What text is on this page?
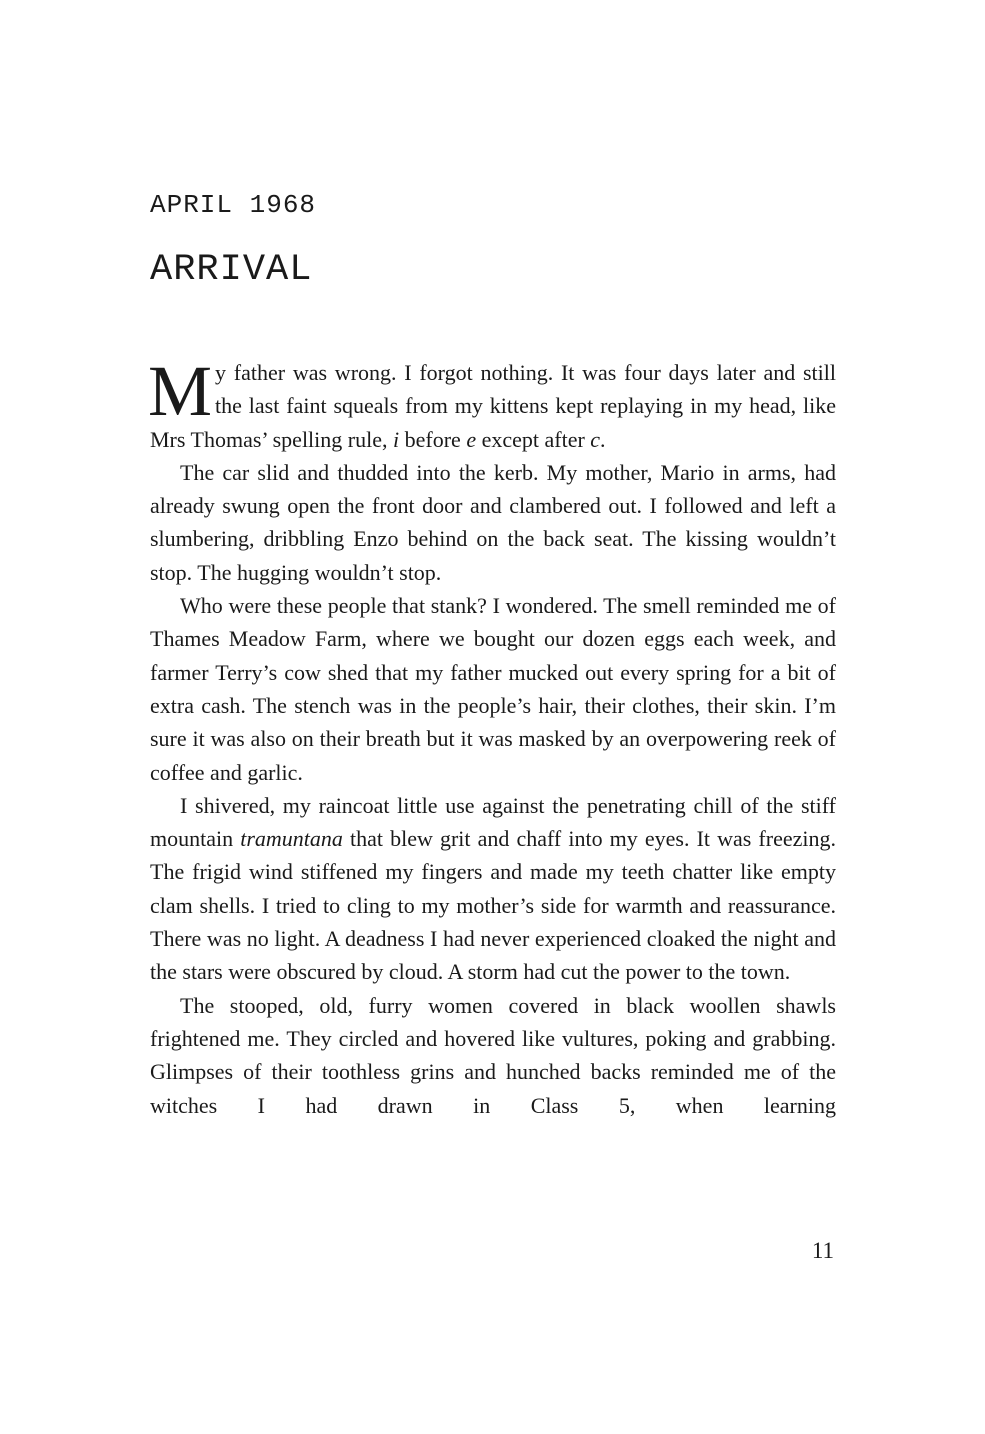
APRIL 1968
ARRIVAL

My father was wrong. I forgot nothing. It was four days later and still the last faint squeals from my kittens kept replaying in my head, like Mrs Thomas’ spelling rule, i before e except after c.

The car slid and thudded into the kerb. My mother, Mario in arms, had already swung open the front door and clambered out. I followed and left a slumbering, dribbling Enzo behind on the back seat. The kissing wouldn’t stop. The hugging wouldn’t stop.

Who were these people that stank? I wondered. The smell reminded me of Thames Meadow Farm, where we bought our dozen eggs each week, and farmer Terry’s cow shed that my father mucked out every spring for a bit of extra cash. The stench was in the people’s hair, their clothes, their skin. I’m sure it was also on their breath but it was masked by an overpowering reek of coffee and garlic.

I shivered, my raincoat little use against the penetrating chill of the stiff mountain tramuntana that blew grit and chaff into my eyes. It was freezing. The frigid wind stiffened my fingers and made my teeth chatter like empty clam shells. I tried to cling to my mother’s side for warmth and reassurance. There was no light. A deadness I had never experienced cloaked the night and the stars were obscured by cloud. A storm had cut the power to the town.

The stooped, old, furry women covered in black woollen shawls frightened me. They circled and hovered like vultures, poking and grabbing. Glimpses of their toothless grins and hunched backs reminded me of the witches I had drawn in Class 5, when learning

11
